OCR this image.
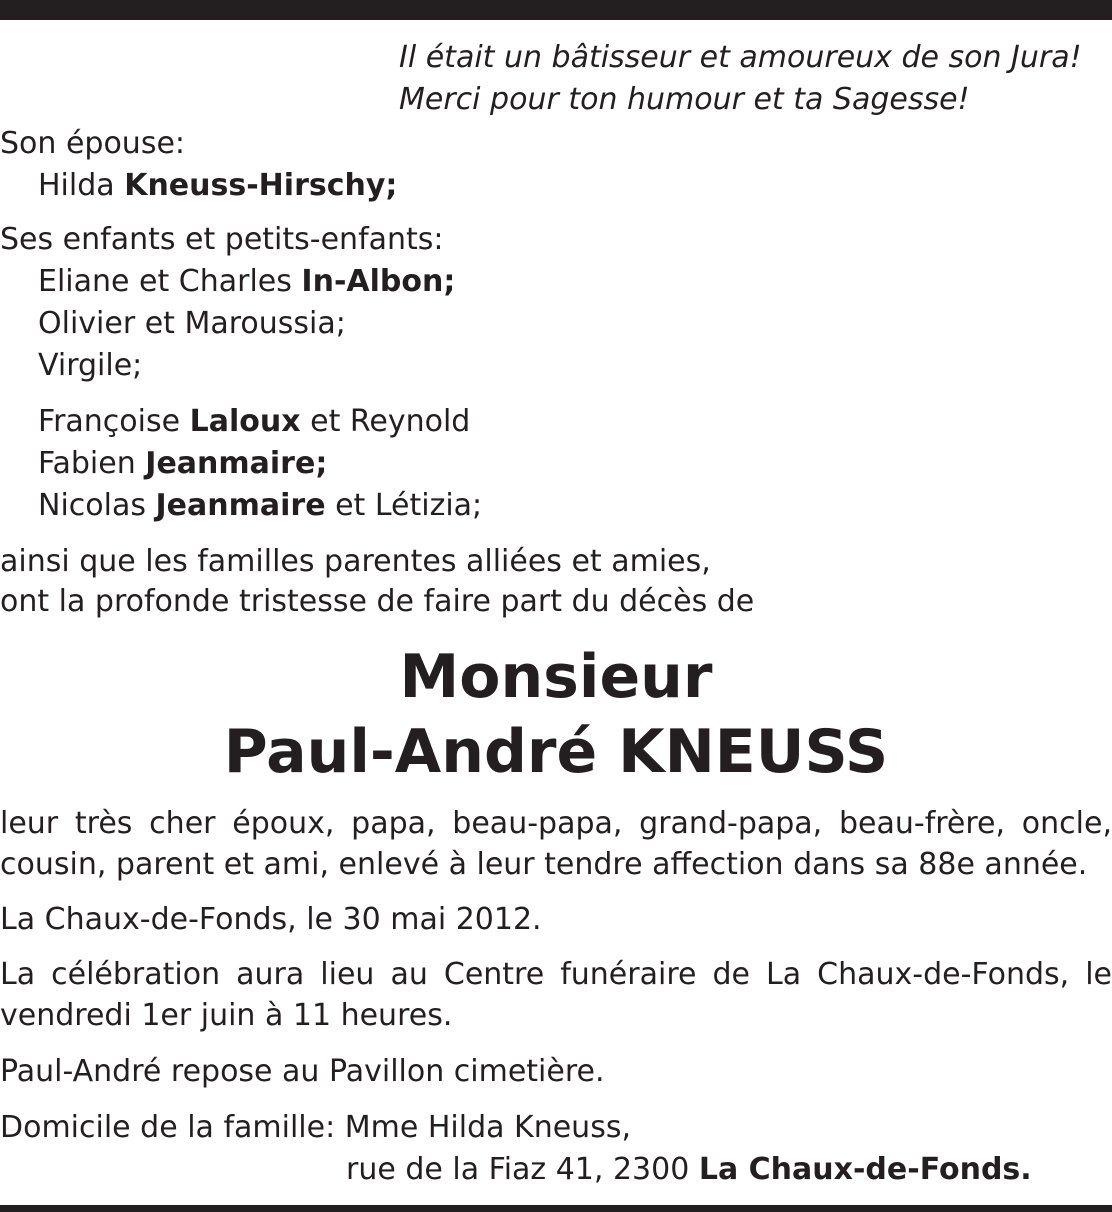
Il était un bâtisseur et amoureux de son Jura!
Merci pour ton humour et ta Sagesse!
Son épouse:
Hilda Kneuss-Hirschy;
Ses enfants et petits-enfants:
Eliane et Charles In-Albon;
Olivier et Maroussia;
Virgile;
Françoise Laloux et Reynold
Fabien Jeanmaire;
Nicolas Jeanmaire et Létizia;
ainsi que les familles parentes alliées et amies,
ont la profonde tristesse de faire part du décès de
Monsieur
Paul-André KNEUSS
leur très cher époux, papa, beau-papa, grand-papa, beau-frère, oncle,
cousin, parent et ami, enlevé à leur tendre affection dans sa 88e année.
La Chaux-de-Fonds, le 30 mai 2012.
La célébration aura lieu au Centre funéraire de La Chaux-de-Fonds, le
vendredi 1er juin à 11 heures.
Paul-André repose au Pavillon cimetière.
Domicile de la famille: Mme Hilda Kneuss,
rue de la Fiaz 41, 2300 La Chaux-de-Fonds.
